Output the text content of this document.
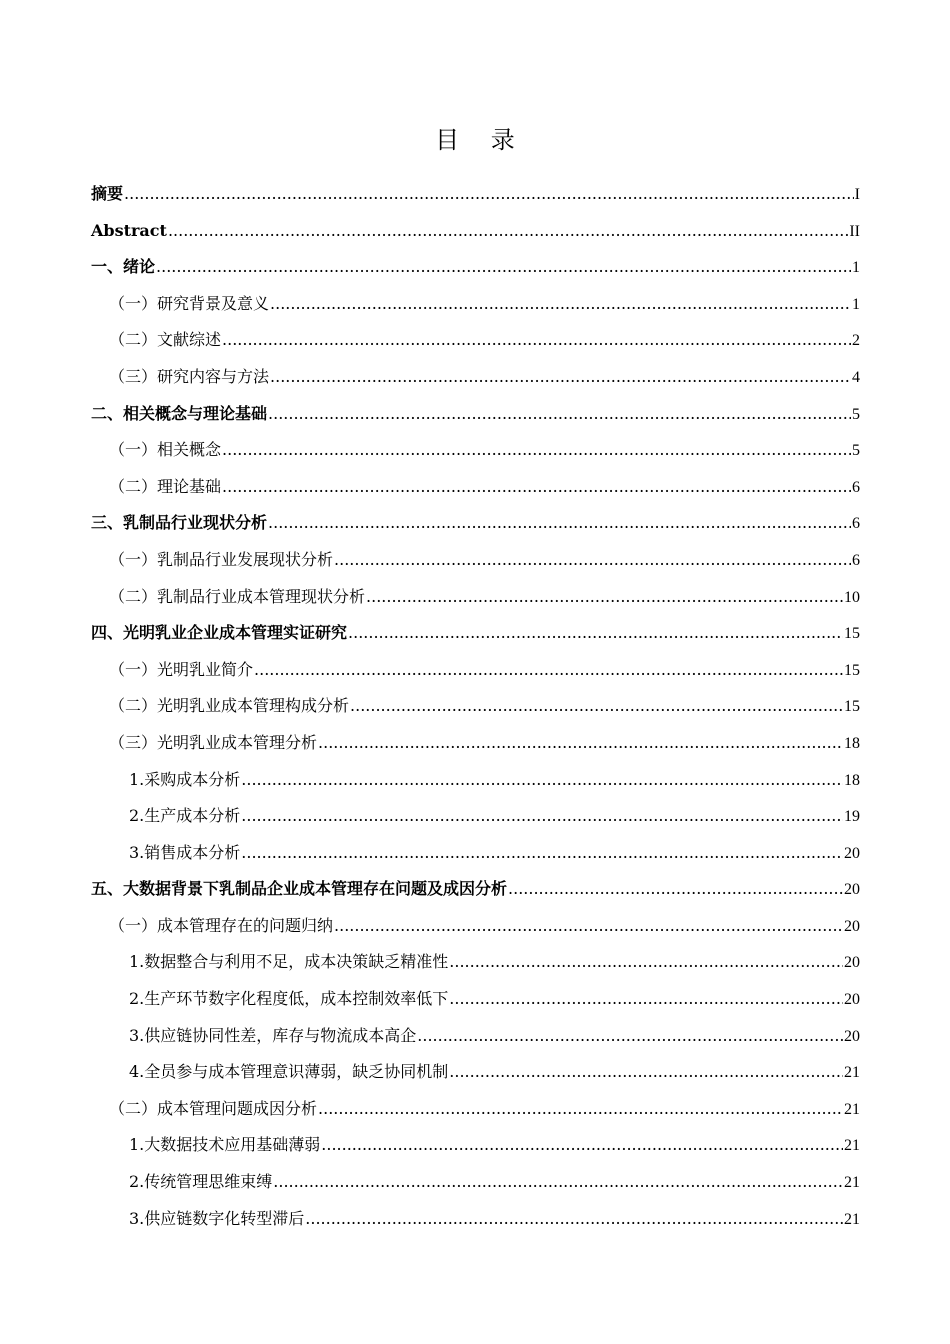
目 录
摘要 .....	I
Abstract .....	II
一、绪论 .....	1
（一）研究背景及意义 .....	1
（二）文献综述 .....	2
（三）研究内容与方法 .....	4
二、相关概念与理论基础 .....	5
（一）相关概念 .....	5
（二）理论基础 .....	6
三、乳制品行业现状分析 .....	6
（一）乳制品行业发展现状分析 .....	6
（二）乳制品行业成本管理现状分析 .....	10
四、光明乳业企业成本管理实证研究 .....	15
（一）光明乳业简介 .....	15
（二）光明乳业成本管理构成分析 .....	15
（三）光明乳业成本管理分析 .....	18
1.采购成本分析 .....	18
2.生产成本分析 .....	19
3.销售成本分析 .....	20
五、大数据背景下乳制品企业成本管理存在问题及成因分析 .....	20
（一）成本管理存在的问题归纳 .....	20
1.数据整合与利用不足，成本决策缺乏精准性 .....	20
2.生产环节数字化程度低，成本控制效率低下 .....	20
3.供应链协同性差，库存与物流成本高企 .....	20
4.全员参与成本管理意识薄弱，缺乏协同机制 .....	21
（二）成本管理问题成因分析 .....	21
1.大数据技术应用基础薄弱 .....	21
2.传统管理思维束缚 .....	21
3.供应链数字化转型滞后 .....	21
